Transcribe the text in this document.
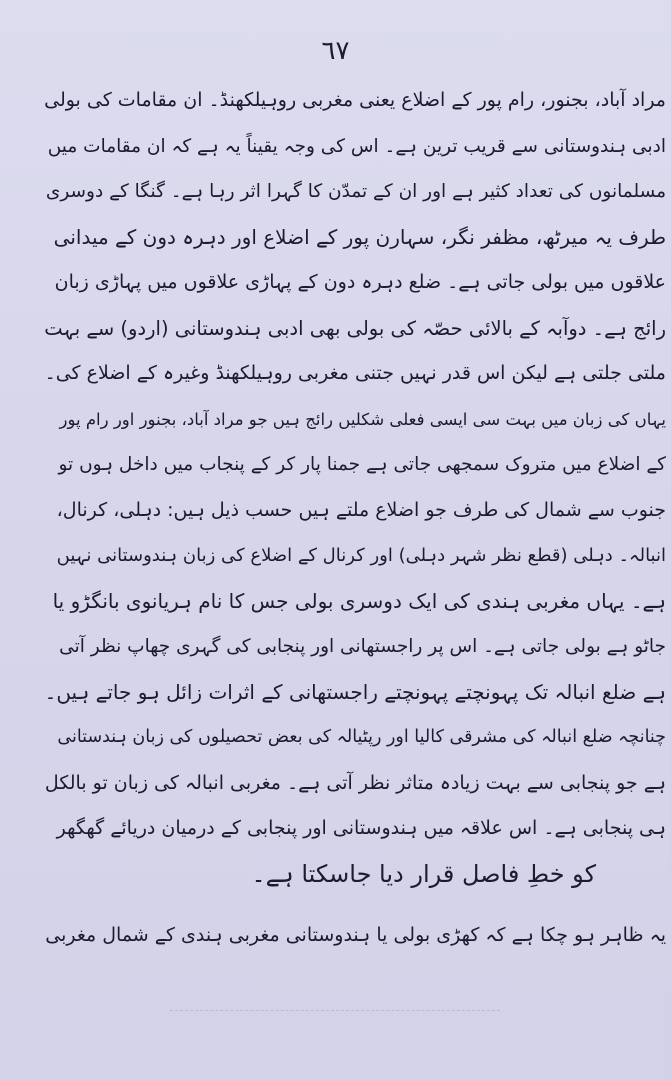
٦٧
مراد آباد، بجنور، رام پور کے اضلاع یعنی مغربی روہیلکھنڈ۔ ان مقامات کی بولی
ادبی ہندوستانی سے قریب ترین ہے۔ اس کی وجہ یقیناً یہ ہے کہ ان مقامات میں
مسلمانوں کی تعداد کثیر ہے اور ان کے تمدّن کا گہرا اثر رہا ہے۔ گنگا کے دوسری
طرف یہ میرٹھ، مظفر نگر، سہارن پور کے اضلاع اور دہرہ دون کے میدانی
علاقوں میں بولی جاتی ہے۔ ضلع دہرہ دون کے پہاڑی علاقوں میں پہاڑی زبان
رائج ہے۔ دوآبہ کے بالائی حصّہ کی بولی بھی ادبی ہندوستانی (اردو) سے بہت
ملتی جلتی ہے لیکن اس قدر نہیں جتنی مغربی روہیلکھنڈ وغیرہ کے اضلاع کی۔
یہاں کی زبان میں بہت سی ایسی فعلی شکلیں رائج ہیں جو مراد آباد، بجنور اور رام پور
کے اضلاع میں متروک سمجھی جاتی ہے جمنا پار کر کے پنجاب میں داخل ہوں تو
جنوب سے شمال کی طرف جو اضلاع ملتے ہیں حسب ذیل ہیں: دہلی، کرنال،
انبالہ۔ دہلی (قطع نظر شہر دہلی) اور کرنال کے اضلاع کی زبان ہندوستانی نہیں
ہے۔ یہاں مغربی ہندی کی ایک دوسری بولی جس کا نام ہریانوی بانگڑو یا
جاٹو ہے بولی جاتی ہے۔ اس پر راجستھانی اور پنجابی کی گہری چھاپ نظر آتی
ہے ضلع انبالہ تک پہونچتے پہونچتے راجستھانی کے اثرات زائل ہو جاتے ہیں۔
چنانچہ ضلع انبالہ کی مشرقی کالیا اور رپٹیالہ کی بعض تحصیلوں کی زبان ہندستانی
ہے جو پنجابی سے بہت زیادہ متاثر نظر آتی ہے۔ مغربی انبالہ کی زبان تو بالکل
ہی پنجابی ہے۔ اس علاقہ میں ہندوستانی اور پنجابی کے درمیان دریائے گھگھر
کو خطِ فاصل قرار دیا جاسکتا ہے۔
یہ ظاہر ہو چکا ہے کہ کھڑی بولی یا ہندوستانی مغربی ہندی کے شمال مغربی
